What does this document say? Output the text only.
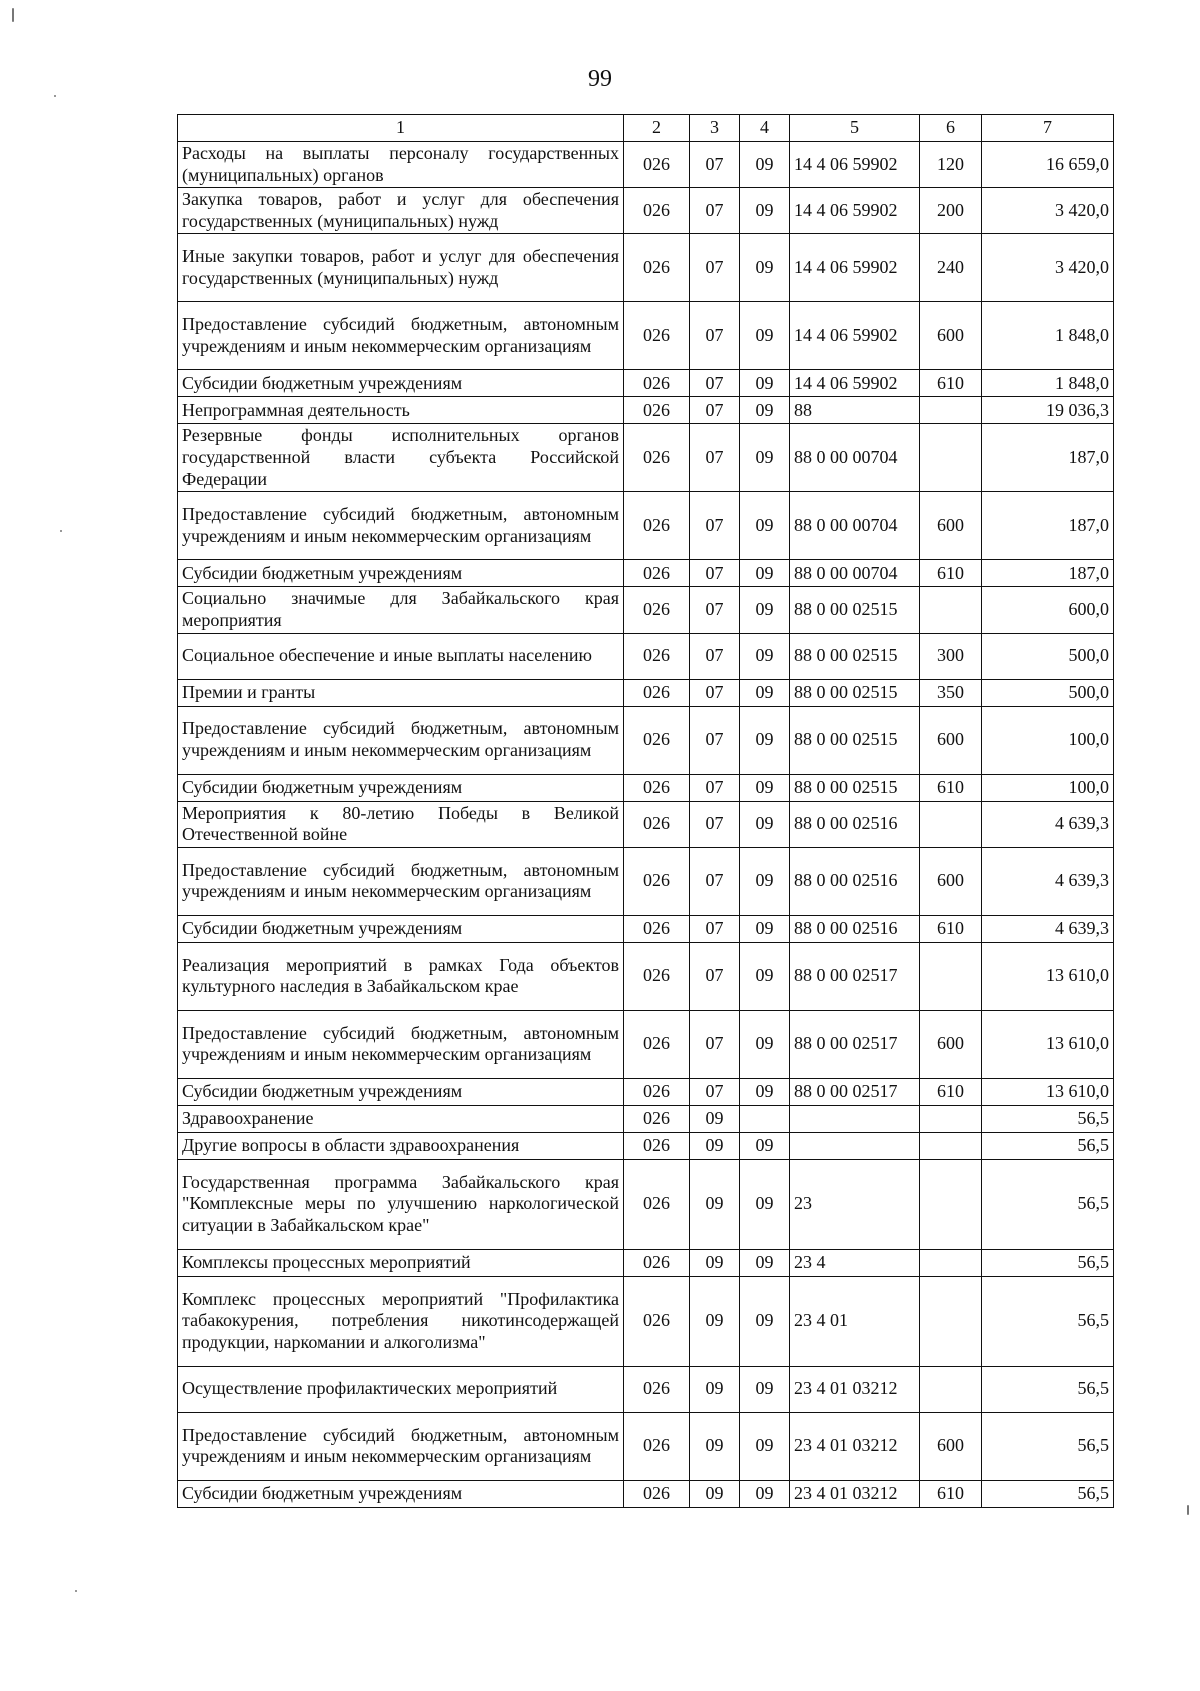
99
1	2	3	4	5	6	7
Расходы на выплаты персоналу государственных (муниципальных) органов	026	07	09	14 4 06 59902	120	16 659,0
Закупка товаров, работ и услуг для обеспечения государственных (муниципальных) нужд	026	07	09	14 4 06 59902	200	3 420,0
Иные закупки товаров, работ и услуг для обеспечения государственных (муниципальных) нужд	026	07	09	14 4 06 59902	240	3 420,0
Предоставление субсидий бюджетным, автономным учреждениям и иным некоммерческим организациям	026	07	09	14 4 06 59902	600	1 848,0
Субсидии бюджетным учреждениям	026	07	09	14 4 06 59902	610	1 848,0
Непрограммная деятельность	026	07	09	88		19 036,3
Резервные фонды исполнительных органов государственной власти субъекта Российской Федерации	026	07	09	88 0 00 00704		187,0
Предоставление субсидий бюджетным, автономным учреждениям и иным некоммерческим организациям	026	07	09	88 0 00 00704	600	187,0
Субсидии бюджетным учреждениям	026	07	09	88 0 00 00704	610	187,0
Социально значимые для Забайкальского края мероприятия	026	07	09	88 0 00 02515		600,0
Социальное обеспечение и иные выплаты населению	026	07	09	88 0 00 02515	300	500,0
Премии и гранты	026	07	09	88 0 00 02515	350	500,0
Предоставление субсидий бюджетным, автономным учреждениям и иным некоммерческим организациям	026	07	09	88 0 00 02515	600	100,0
Субсидии бюджетным учреждениям	026	07	09	88 0 00 02515	610	100,0
Мероприятия к 80-летию Победы в Великой Отечественной войне	026	07	09	88 0 00 02516		4 639,3
Предоставление субсидий бюджетным, автономным учреждениям и иным некоммерческим организациям	026	07	09	88 0 00 02516	600	4 639,3
Субсидии бюджетным учреждениям	026	07	09	88 0 00 02516	610	4 639,3
Реализация мероприятий в рамках Года объектов культурного наследия в Забайкальском крае	026	07	09	88 0 00 02517		13 610,0
Предоставление субсидий бюджетным, автономным учреждениям и иным некоммерческим организациям	026	07	09	88 0 00 02517	600	13 610,0
Субсидии бюджетным учреждениям	026	07	09	88 0 00 02517	610	13 610,0
Здравоохранение	026	09				56,5
Другие вопросы в области здравоохранения	026	09	09			56,5
Государственная программа Забайкальского края "Комплексные меры по улучшению наркологической ситуации в Забайкальском крае"	026	09	09	23		56,5
Комплексы процессных мероприятий	026	09	09	23 4		56,5
Комплекс процессных мероприятий "Профилактика табакокурения, потребления никотинсодержащей продукции, наркомании и алкоголизма"	026	09	09	23 4 01		56,5
Осуществление профилактических мероприятий	026	09	09	23 4 01 03212		56,5
Предоставление субсидий бюджетным, автономным учреждениям и иным некоммерческим организациям	026	09	09	23 4 01 03212	600	56,5
Субсидии бюджетным учреждениям	026	09	09	23 4 01 03212	610	56,5
